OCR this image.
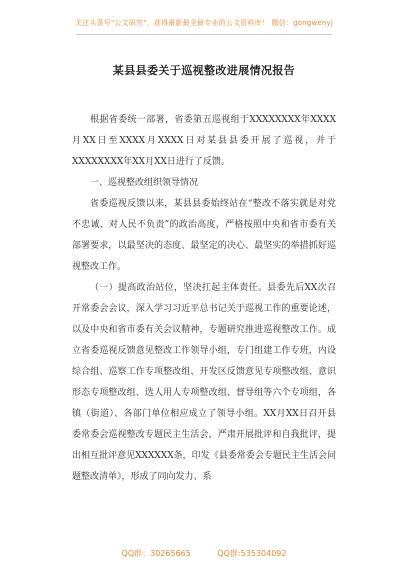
关注头条号"公文研究"，获得最新最全最专业的公文资料库！ 微信：gongwenyj
某县县委关于巡视整改进展情况报告

根据省委统一部署，省委第五巡视组于XXXXXXXX年XXXX月XX日至XXXX月XXXX日对某县县委开展了巡视，并于XXXXXXXX年XX月XX日进行了反馈。

一、巡视整改组织领导情况

省委巡视反馈以来，某县县委始终站在“整改不落实就是对党不忠诚、对人民不负责”的政治高度，严格按照中央和省市委有关部署要求，以最坚决的态度、最坚定的决心、最坚实的举措抓好巡视整改工作。

（一）提高政治站位，坚决扛起主体责任。县委先后XX次召开常委会会议，深入学习习近平总书记关于巡视工作的重要论述，以及中央和省市委有关会议精神，专题研究推进巡视整改工作。成立省委巡视反馈意见整改工作领导小组，专门组建工作专班，内设综合组、巡察工作专项整改组、开发区反馈意见专项整改组、意识形态专项整改组、选人用人专项整改组、督导组等六个专项组，各镇（街道）、各部门单位相应成立了领导小组。XX月XX日召开县委常委会巡视整改专题民主生活会，严肃开展批评和自我批评，提出相互批评意见XXXXXX条，印发《县委常委会专题民主生活会问题整改清单》，形成了同向发力、系

QQ群：30265665	QQ群:535304092
